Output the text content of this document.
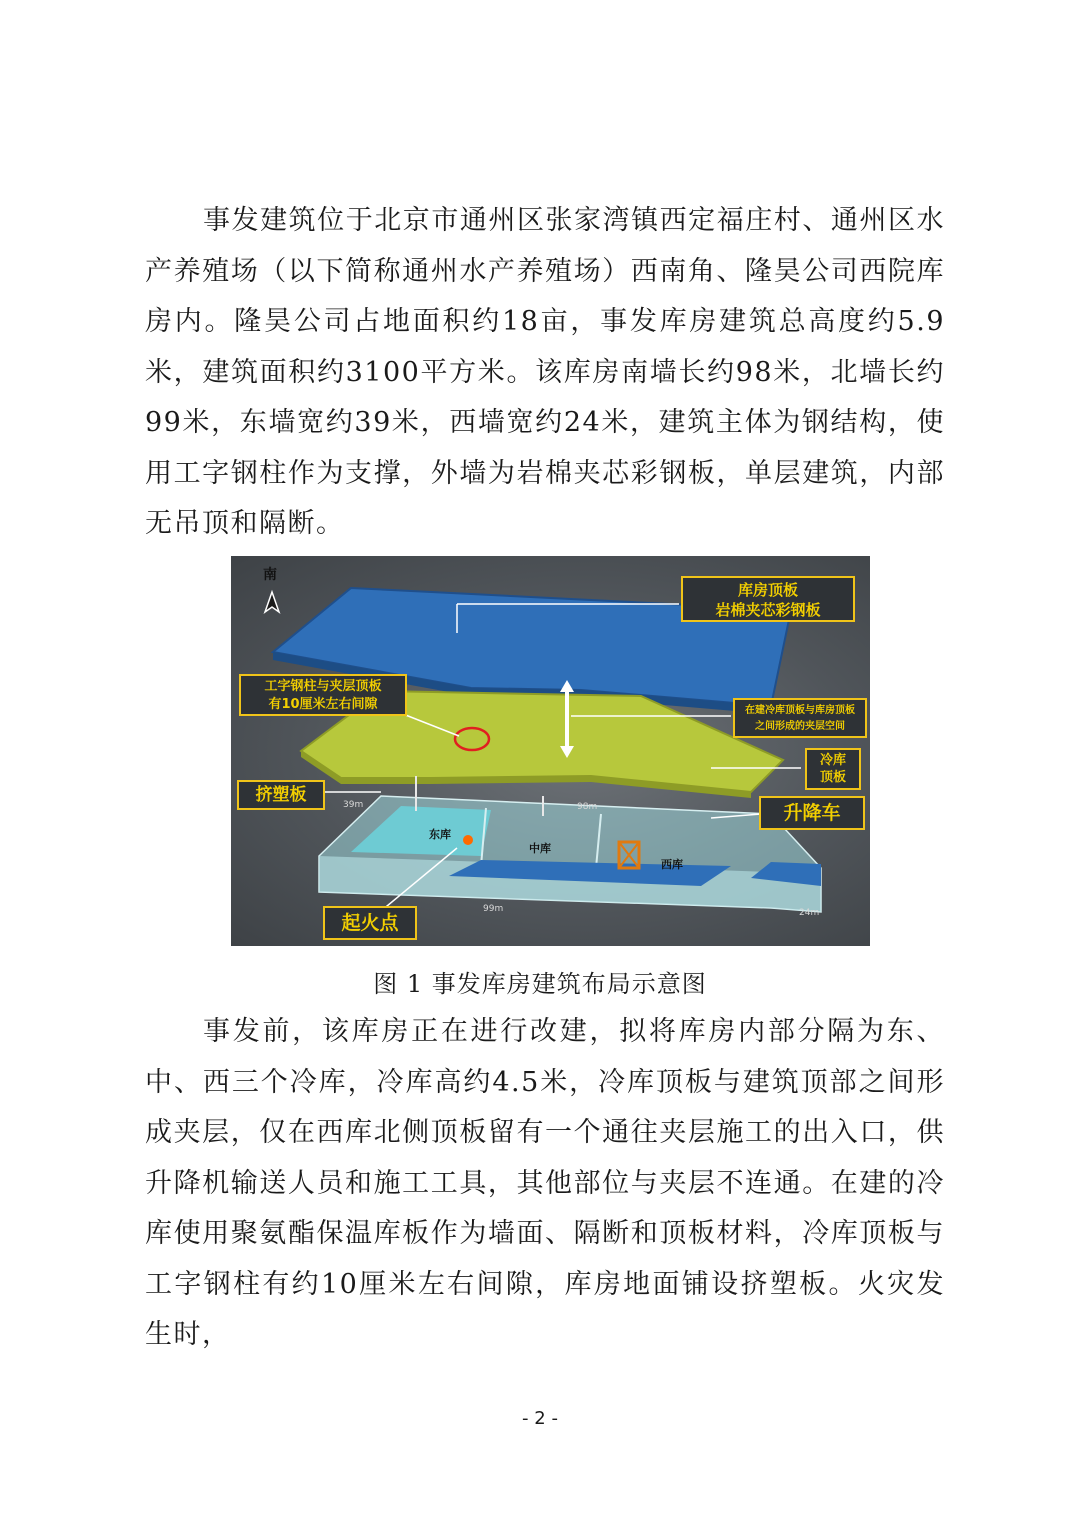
事发建筑位于北京市通州区张家湾镇西定福庄村、通州区水产养殖场（以下简称通州水产养殖场）西南角、隆昊公司西院库房内。隆昊公司占地面积约18亩，事发库房建筑总高度约5.9米，建筑面积约3100平方米。该库房南墙长约98米，北墙长约99米，东墙宽约39米，西墙宽约24米，建筑主体为钢结构，使用工字钢柱作为支撑，外墙为岩棉夹芯彩钢板，单层建筑，内部无吊顶和隔断。

南
库房顶板
岩棉夹芯彩钢板
工字钢柱与夹层顶板
有10厘米左右间隙	在建冷库顶板与库房顶板
之间形成的夹层空间
冷库
顶板
挤塑板
升降车
起火点
东库
中库
西库
39m	98m
99m	24m
图 1 事发库房建筑布局示意图

事发前，该库房正在进行改建，拟将库房内部分隔为东、中、西三个冷库，冷库高约4.5米，冷库顶板与建筑顶部之间形成夹层，仅在西库北侧顶板留有一个通往夹层施工的出入口，供升降机输送人员和施工工具，其他部位与夹层不连通。在建的冷库使用聚氨酯保温库板作为墙面、隔断和顶板材料，冷库顶板与工字钢柱有约10厘米左右间隙，库房地面铺设挤塑板。火灾发生时，

- 2 -
